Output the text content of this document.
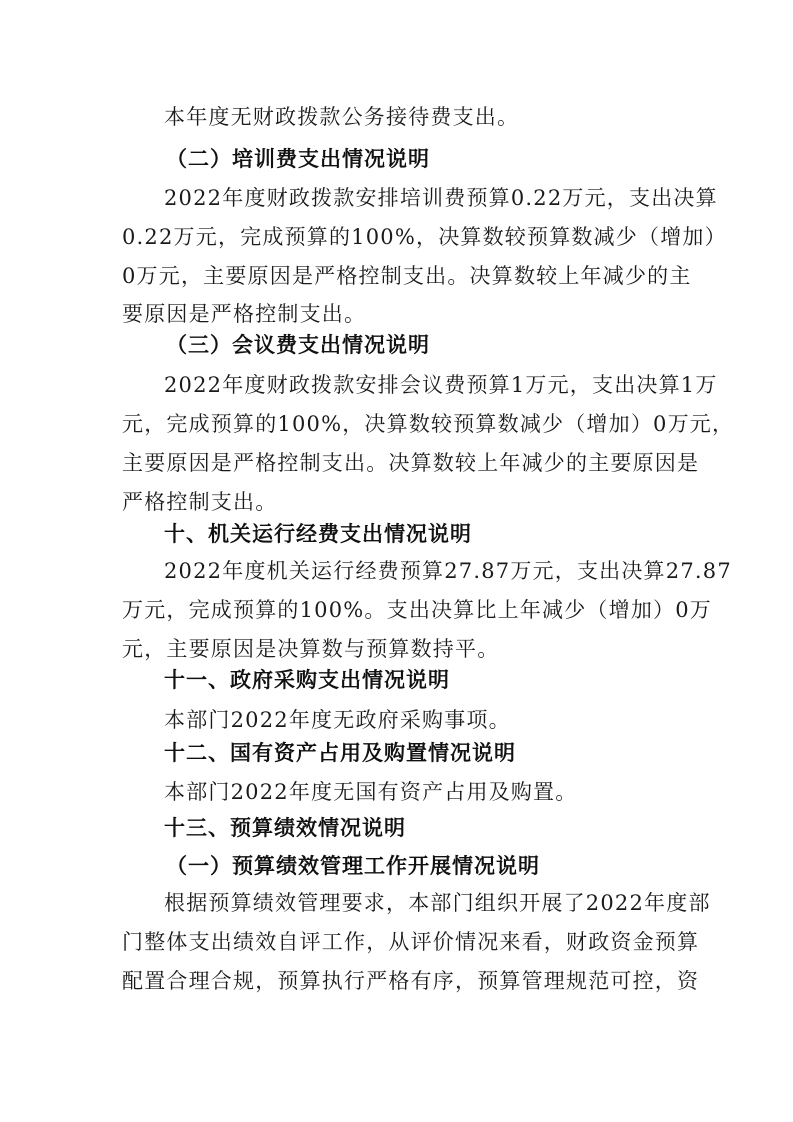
本年度无财政拨款公务接待费支出。
（二）培训费支出情况说明
2022年度财政拨款安排培训费预算0.22万元，支出决算
0.22万元，完成预算的100%，决算数较预算数减少（增加）
0万元，主要原因是严格控制支出。决算数较上年减少的主
要原因是严格控制支出。
（三）会议费支出情况说明
2022年度财政拨款安排会议费预算1万元，支出决算1万
元，完成预算的100%，决算数较预算数减少（增加）0万元，
主要原因是严格控制支出。决算数较上年减少的主要原因是
严格控制支出。
十、机关运行经费支出情况说明
2022年度机关运行经费预算27.87万元，支出决算27.87
万元，完成预算的100%。支出决算比上年减少（增加）0万
元，主要原因是决算数与预算数持平。
十一、政府采购支出情况说明
本部门2022年度无政府采购事项。
十二、国有资产占用及购置情况说明
本部门2022年度无国有资产占用及购置。
十三、预算绩效情况说明
（一）预算绩效管理工作开展情况说明
根据预算绩效管理要求，本部门组织开展了2022年度部
门整体支出绩效自评工作，从评价情况来看，财政资金预算
配置合理合规，预算执行严格有序，预算管理规范可控，资
